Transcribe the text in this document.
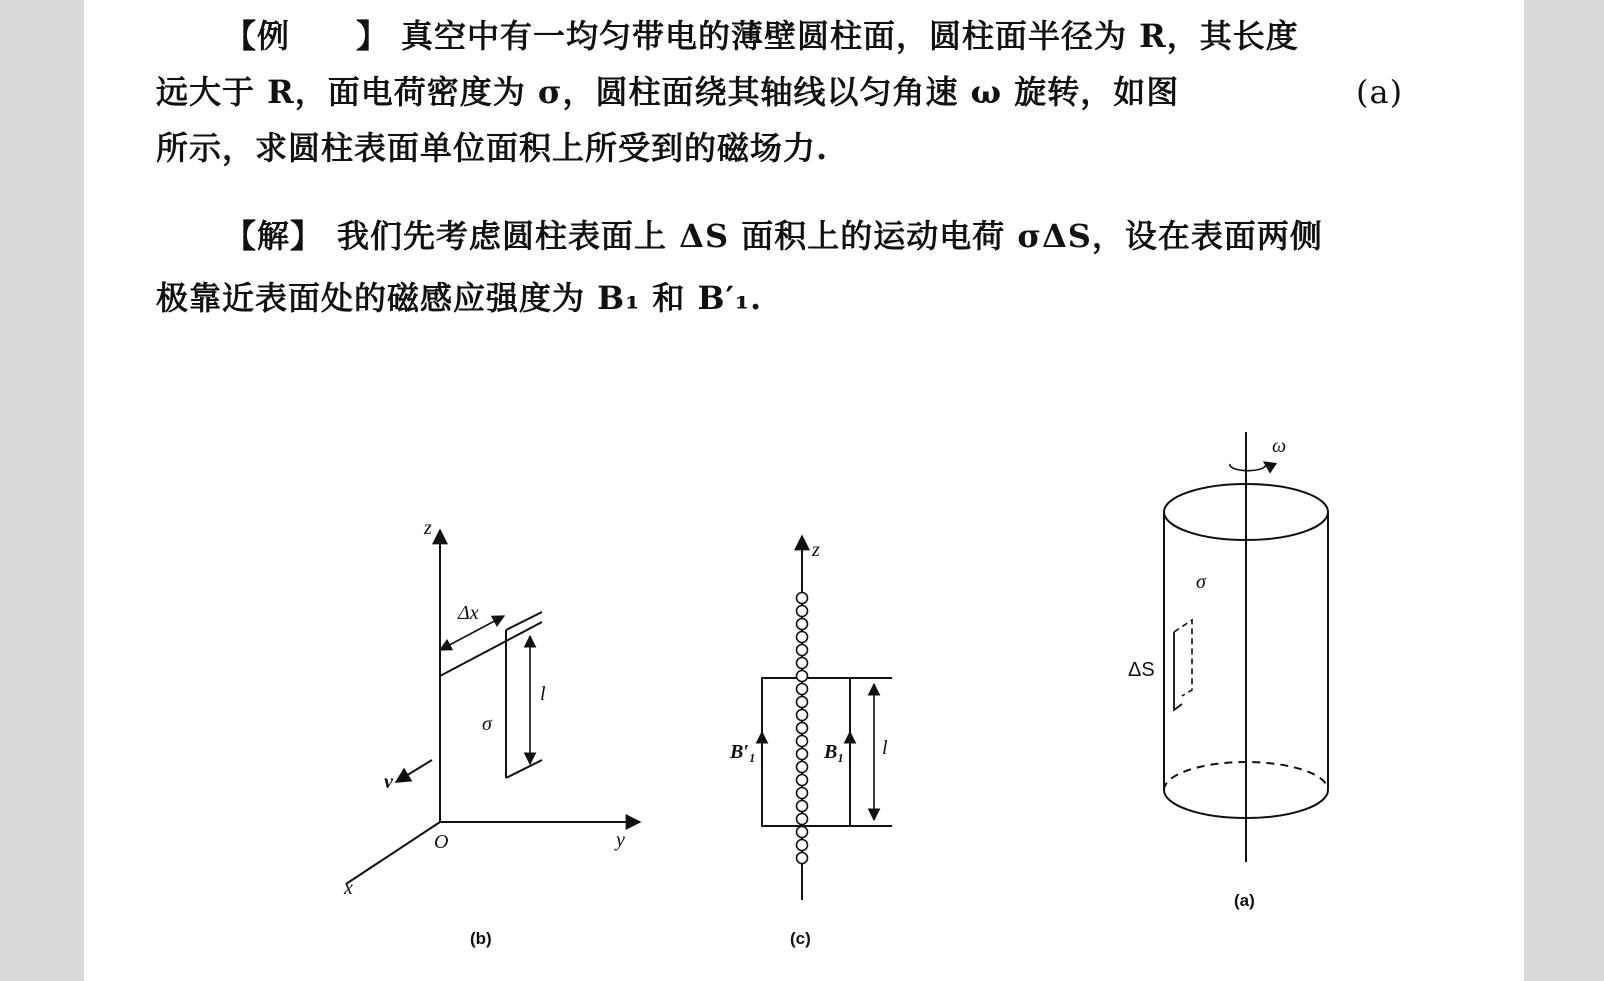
【例　　】 真空中有一均匀带电的薄壁圆柱面，圆柱面半径为 R，其长度
远大于 R，面电荷密度为 σ，圆柱面绕其轴线以匀角速 ω 旋转，如图	(a)
所示，求圆柱表面单位面积上所受到的磁场力.
【解】 我们先考虑圆柱表面上 ΔS 面积上的运动电荷 σΔS，设在表面两侧
极靠近表面处的磁感应强度为 B₁ 和 B′₁.
z
Δx
l
σ
v
O	y
x
(b)
z
B′₁	B₁ l
(c)
ω
σ
ΔS
(a)
